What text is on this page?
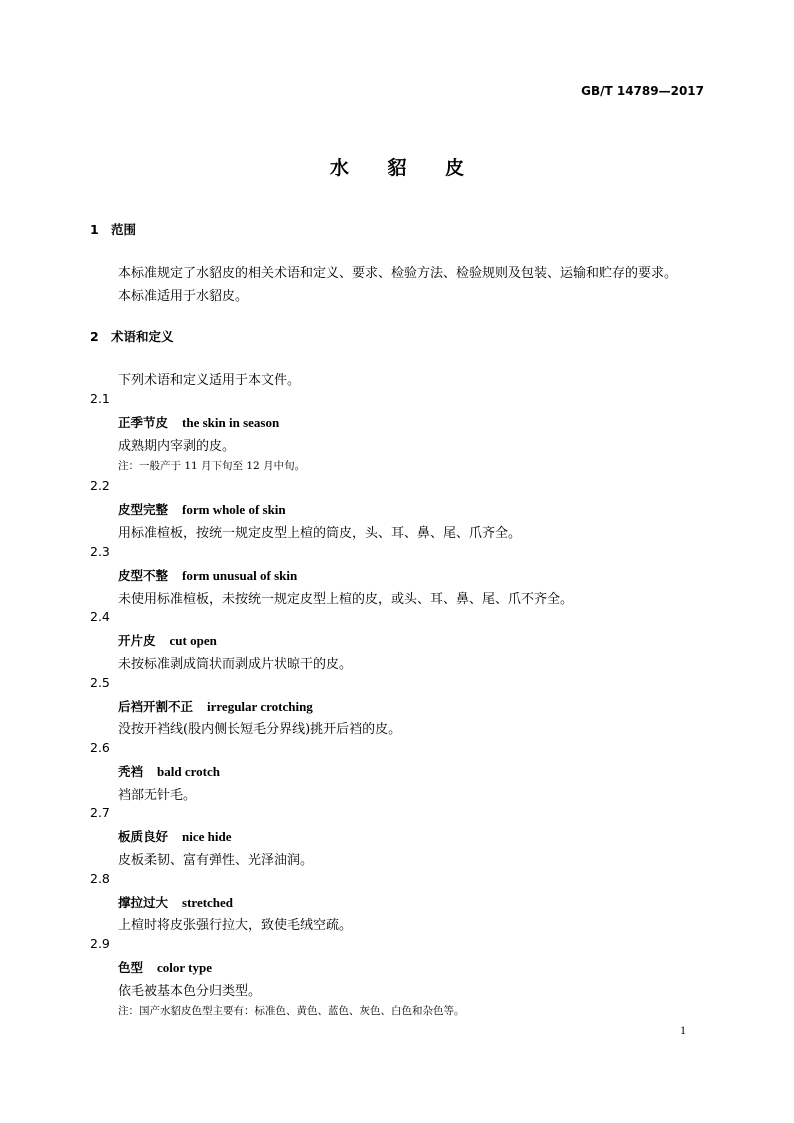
GB/T 14789—2017
水 貂 皮
1 范围
本标准规定了水貂皮的相关术语和定义、要求、检验方法、检验规则及包装、运输和贮存的要求。
本标准适用于水貂皮。
2 术语和定义
下列术语和定义适用于本文件。
2.1
正季节皮 the skin in season
成熟期内宰剥的皮。
注：一般产于 11 月下旬至 12 月中旬。
2.2
皮型完整 form whole of skin
用标准楦板，按统一规定皮型上楦的筒皮，头、耳、鼻、尾、爪齐全。
2.3
皮型不整 form unusual of skin
未使用标准楦板，未按统一规定皮型上楦的皮，或头、耳、鼻、尾、爪不齐全。
2.4
开片皮 cut open
未按标准剥成筒状而剥成片状晾干的皮。
2.5
后裆开割不正 irregular crotching
没按开裆线(股内侧长短毛分界线)挑开后裆的皮。
2.6
秃裆 bald crotch
裆部无针毛。
2.7
板质良好 nice hide
皮板柔韧、富有弹性、光泽油润。
2.8
撑拉过大 stretched
上楦时将皮张强行拉大，致使毛绒空疏。
2.9
色型 color type
依毛被基本色分归类型。
注：国产水貂皮色型主要有：标准色、黄色、蓝色、灰色、白色和杂色等。
1
